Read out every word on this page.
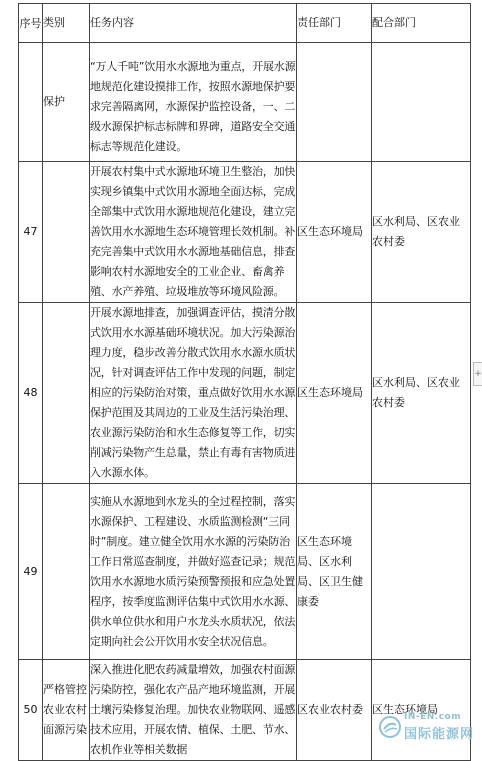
序号	类别	任务内容	责任部门	配合部门
	保护	“万人千吨”饮用水水源地为重点，开展水源地规范化建设摸排工作，按照水源地保护要求完善隔离网，水源保护监控设备，一、二级水源保护标志标牌和界碑，道路安全交通标志等规范化建设。		
47		开展农村集中式水源地环境卫生整治，加快实现乡镇集中式饮用水源地全面达标，完成全部集中式饮用水源地规范化建设，建立完善饮用水水源地生态环境管理长效机制。补充完善集中式饮用水水源地基础信息，排查影响农村水源地安全的工业企业、畜禽养殖、水产养殖、垃圾堆放等环境风险源。	区生态环境局	区水利局、区农业农村委
48		开展水源地排查，加强调查评估，摸清分散式饮用水水源基础环境状况。加大污染源治理力度，稳步改善分散式饮用水水源水质状况，针对调查评估工作中发现的问题，制定相应的污染防治对策，重点做好饮用水水源保护范围及其周边的工业及生活污染治理、农业源污染防治和水生态修复等工作，切实削减污染物产生总量，禁止有毒有害物质进入水源水体。	区生态环境局	区水利局、区农业农村委
49		实施从水源地到水龙头的全过程控制，落实水源保护、工程建设、水质监测检测“三同时”制度。建立健全饮用水水源的污染防治工作日常巡查制度，并做好巡查记录；规范饮用水水源地水质污染预警预报和应急处置程序，按季度监测评估集中式饮用水水源、供水单位供水和用户水龙头水质状况，依法定期向社会公开饮用水安全状况信息。	区生态环境局、区水利局、区卫生健康委	
50	严格管控农业农村面源污染	深入推进化肥农药减量增效，加强农村面源污染防控，强化农产品产地环境监测，开展土壤污染修复治理。加快农业物联网、遥感技术应用，开展农情、植保、土肥、节水、农机作业等相关数据	区农业农村委	区生态环境局
+
IN-EN.com
国际能源网
